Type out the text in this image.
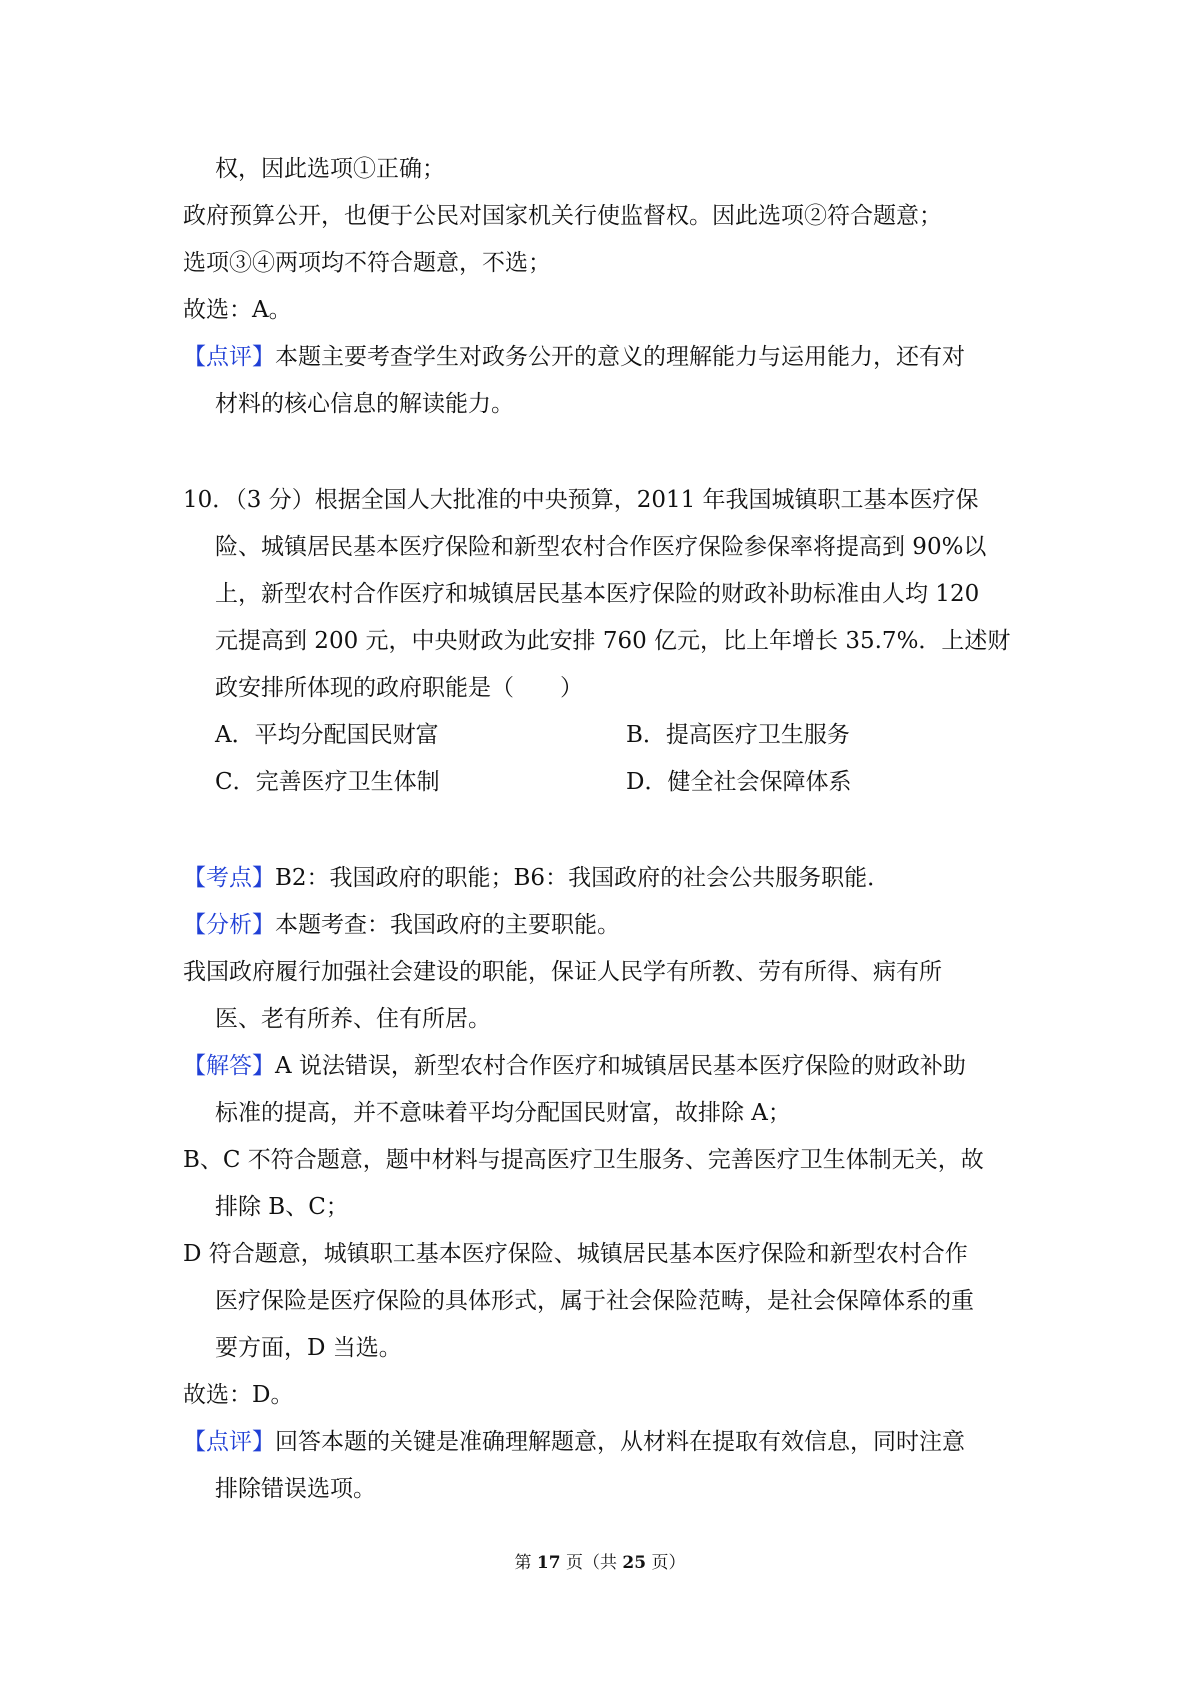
权，因此选项①正确；
政府预算公开，也便于公民对国家机关行使监督权。因此选项②符合题意；
选项③④两项均不符合题意，不选；
故选：A。
【点评】本题主要考查学生对政务公开的意义的理解能力与运用能力，还有对
材料的核心信息的解读能力。
10．（3 分）根据全国人大批准的中央预算，2011 年我国城镇职工基本医疗保
险、城镇居民基本医疗保险和新型农村合作医疗保险参保率将提高到 90%以
上，新型农村合作医疗和城镇居民基本医疗保险的财政补助标准由人均 120
元提高到 200 元，中央财政为此安排 760 亿元，比上年增长 35.7%．上述财
政安排所体现的政府职能是（　　）
A．平均分配国民财富	B．提高医疗卫生服务
C．完善医疗卫生体制	D．健全社会保障体系
【考点】B2：我国政府的职能；B6：我国政府的社会公共服务职能．
【分析】本题考查：我国政府的主要职能。
我国政府履行加强社会建设的职能，保证人民学有所教、劳有所得、病有所
医、老有所养、住有所居。
【解答】A 说法错误，新型农村合作医疗和城镇居民基本医疗保险的财政补助
标准的提高，并不意味着平均分配国民财富，故排除 A；
B、C 不符合题意，题中材料与提高医疗卫生服务、完善医疗卫生体制无关，故
排除 B、C；
D 符合题意，城镇职工基本医疗保险、城镇居民基本医疗保险和新型农村合作
医疗保险是医疗保险的具体形式，属于社会保险范畴，是社会保障体系的重
要方面，D 当选。
故选：D。
【点评】回答本题的关键是准确理解题意，从材料在提取有效信息，同时注意
排除错误选项。
第 17 页（共 25 页）
